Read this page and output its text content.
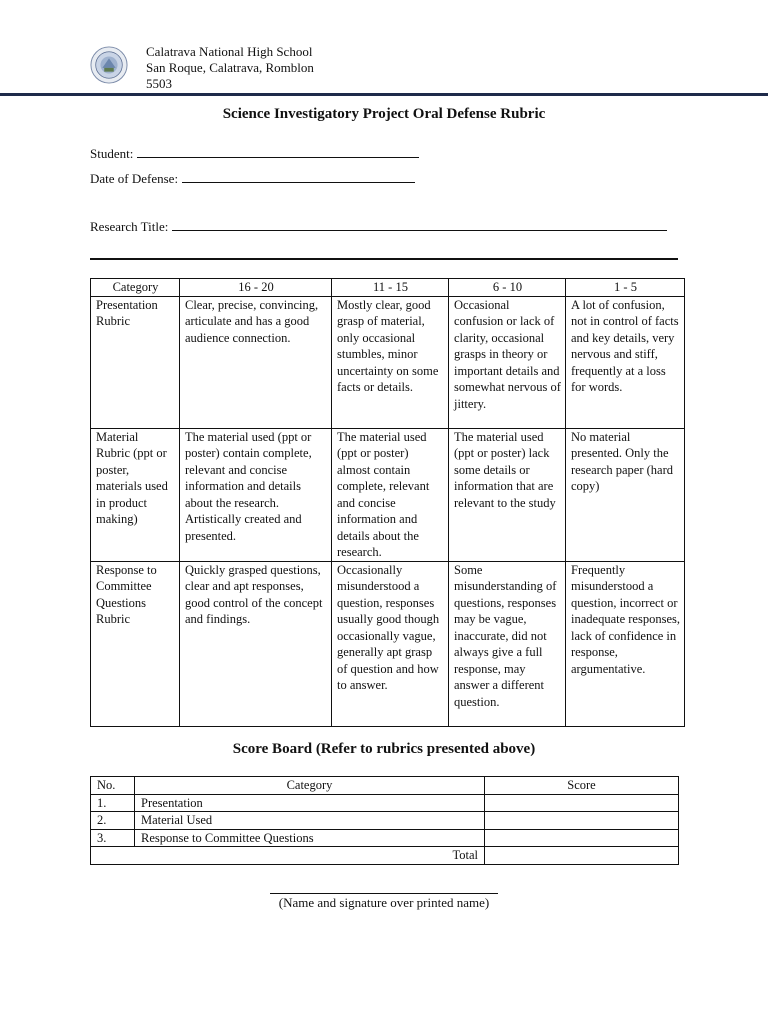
Calatrava National High School
San Roque, Calatrava, Romblon
5503
Science Investigatory Project Oral Defense Rubric
Student:
Date of Defense:
Research Title:
Category	16 - 20	11 - 15	6 - 10	1 - 5
Presentation Rubric	Clear, precise, convincing, articulate and has a good audience connection.	Mostly clear, good grasp of material, only occasional stumbles, minor uncertainty on some facts or details.	Occasional confusion or lack of clarity, occasional grasps in theory or important details and somewhat nervous of jittery.	A lot of confusion, not in control of facts and key details, very nervous and stiff, frequently at a loss for words.
Material Rubric (ppt or poster, materials used in product making)	The material used (ppt or poster) contain complete, relevant and concise information and details about the research. Artistically created and presented.	The material used (ppt or poster) almost contain complete, relevant and concise information and details about the research.	The material used (ppt or poster) lack some details or information that are relevant to the study	No material presented. Only the research paper (hard copy)
Response to Committee Questions Rubric	Quickly grasped questions, clear and apt responses, good control of the concept and findings.	Occasionally misunderstood a question, responses usually good though occasionally vague, generally apt grasp of question and how to answer.	Some misunderstanding of questions, responses may be vague, inaccurate, did not always give a full response, may answer a different question.	Frequently misunderstood a question, incorrect or inadequate responses, lack of confidence in response, argumentative.
Score Board (Refer to rubrics presented above)
No.	Category	Score
1.	Presentation	
2.	Material Used	
3.	Response to Committee Questions	
Total		
(Name and signature over printed name)
